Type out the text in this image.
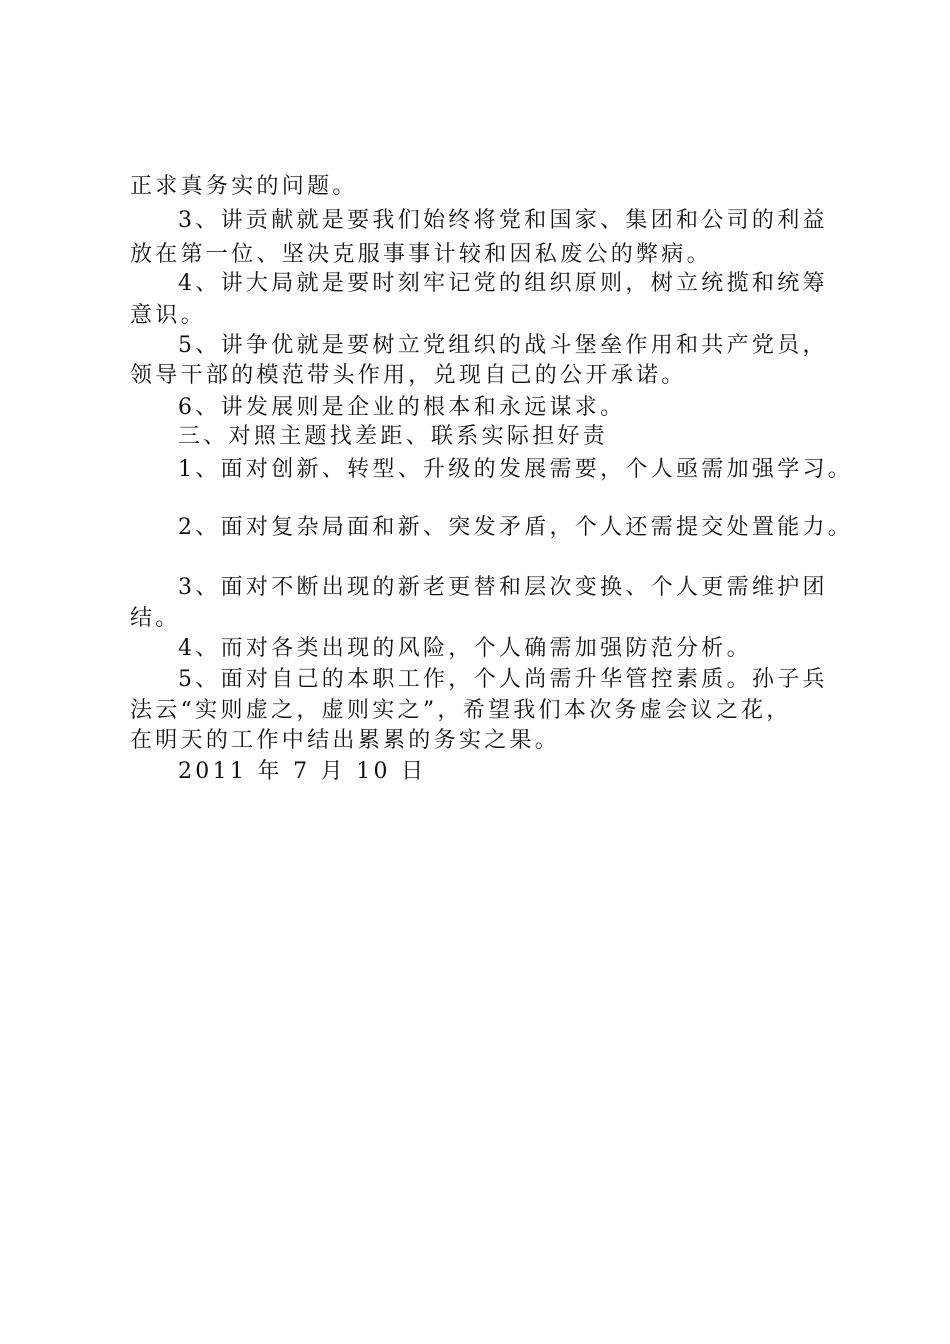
正求真务实的问题。
3、讲贡献就是要我们始终将党和国家、集团和公司的利益
放在第一位、坚决克服事事计较和因私废公的弊病。
4、讲大局就是要时刻牢记党的组织原则，树立统揽和统筹
意识。
5、讲争优就是要树立党组织的战斗堡垒作用和共产党员，
领导干部的模范带头作用，兑现自己的公开承诺。
6、讲发展则是企业的根本和永远谋求。
三、对照主题找差距、联系实际担好责
1、面对创新、转型、升级的发展需要，个人亟需加强学习。
2、面对复杂局面和新、突发矛盾，个人还需提交处置能力。
3、面对不断出现的新老更替和层次变换、个人更需维护团
结。
4、而对各类出现的风险，个人确需加强防范分析。
5、面对自己的本职工作，个人尚需升华管控素质。孙子兵
法云“实则虚之，虚则实之”，希望我们本次务虚会议之花，
在明天的工作中结出累累的务实之果。
2011 年 7 月 10 日
